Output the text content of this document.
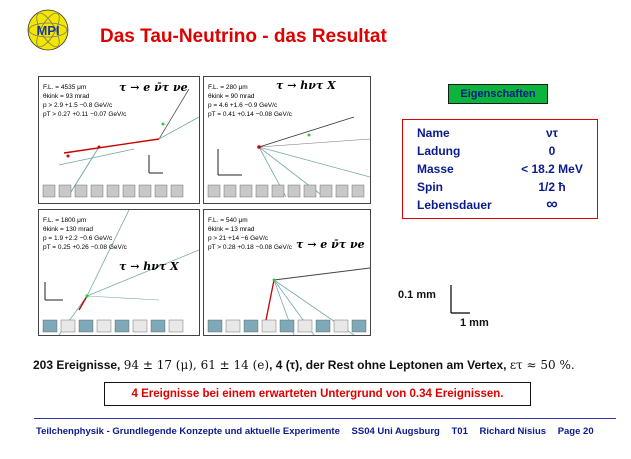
MPI Das Tau-Neutrino - das Resultat
F.L. = 4535 μm
θkink = 93 mrad
p > 2.9 +1.5 −0.8 GeV/c
pT > 0.27 +0.11 −0.07 GeV/c
τ → e ν̄τ νe	F.L. = 280 μm
θkink = 90 mrad
p = 4.6 +1.6 −0.9 GeV/c
pT = 0.41 +0.14 −0.08 GeV/c
τ → hντ X
F.L. = 1800 μm
θkink = 130 mrad
p = 1.9 +2.2 −0.6 GeV/c
pT = 0.25 +0.26 −0.08 GeV/c
τ → hντ X
F.L. = 540 μm
θkink = 13 mrad
p > 21 +14 −6 GeV/c
pT > 0.28 +0.18 −0.08 GeV/c τ → e ν̄τ νe
Eigenschaften
Name	ντ
Ladung	0
Masse	< 18.2 MeV
Spin	1/2 ħ
Lebensdauer	∞
0.1 mm
1 mm
203 Ereignisse, 94 ± 17 (μ), 61 ± 14 (e), 4 (τ), der Rest ohne Leptonen am Vertex, ετ ≈ 50 %.
4 Ereignisse bei einem erwarteten Untergrund von 0.34 Ereignissen.
Teilchenphysik - Grundlegende Konzepte und aktuelle Experimente SS04 Uni Augsburg T01 Richard Nisius Page 20
